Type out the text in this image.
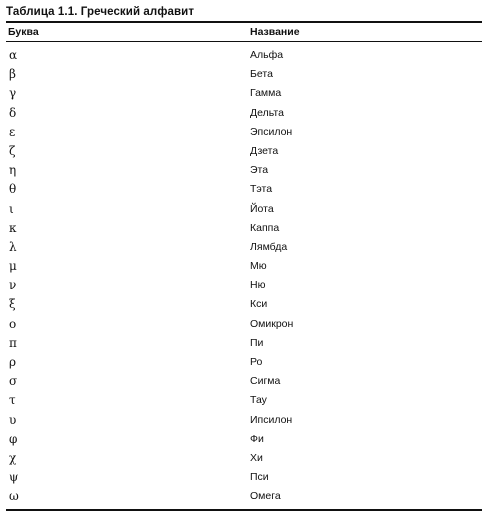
Таблица 1.1. Греческий алфавит
Буква	Название
α	Альфа
β	Бета
γ	Гамма
δ	Дельта
ε	Эпсилон
ζ	Дзета
η	Эта
θ	Тэта
ι	Йота
κ	Каппа
λ	Лямбда
μ	Мю
ν	Ню
ξ	Кси
ο	Омикрон
π	Пи
ρ	Ро
σ	Сигма
τ	Тау
υ	Ипсилон
φ	Фи
χ	Хи
ψ	Пси
ω	Омега
